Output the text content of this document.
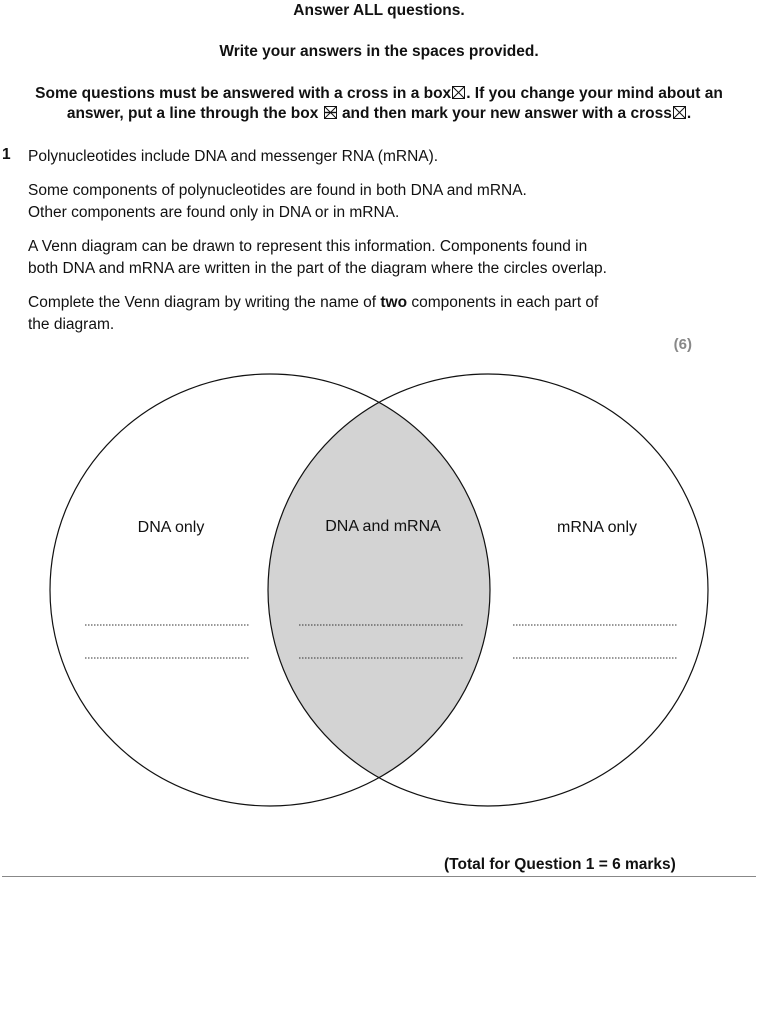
Answer ALL questions.
Write your answers in the spaces provided.
Some questions must be answered with a cross in a box☒. If you change your mind about an
answer, put a line through the box and then mark your new answer with a cross☒.
1 Polynucleotides include DNA and messenger RNA (mRNA).
Some components of polynucleotides are found in both DNA and mRNA.
Other components are found only in DNA or in mRNA.
A Venn diagram can be drawn to represent this information. Components found in
both DNA and mRNA are written in the part of the diagram where the circles overlap.
Complete the Venn diagram by writing the name of two components in each part of
the diagram.
(6)
DNA only	DNA and mRNA	mRNA only
(Total for Question 1 = 6 marks)
